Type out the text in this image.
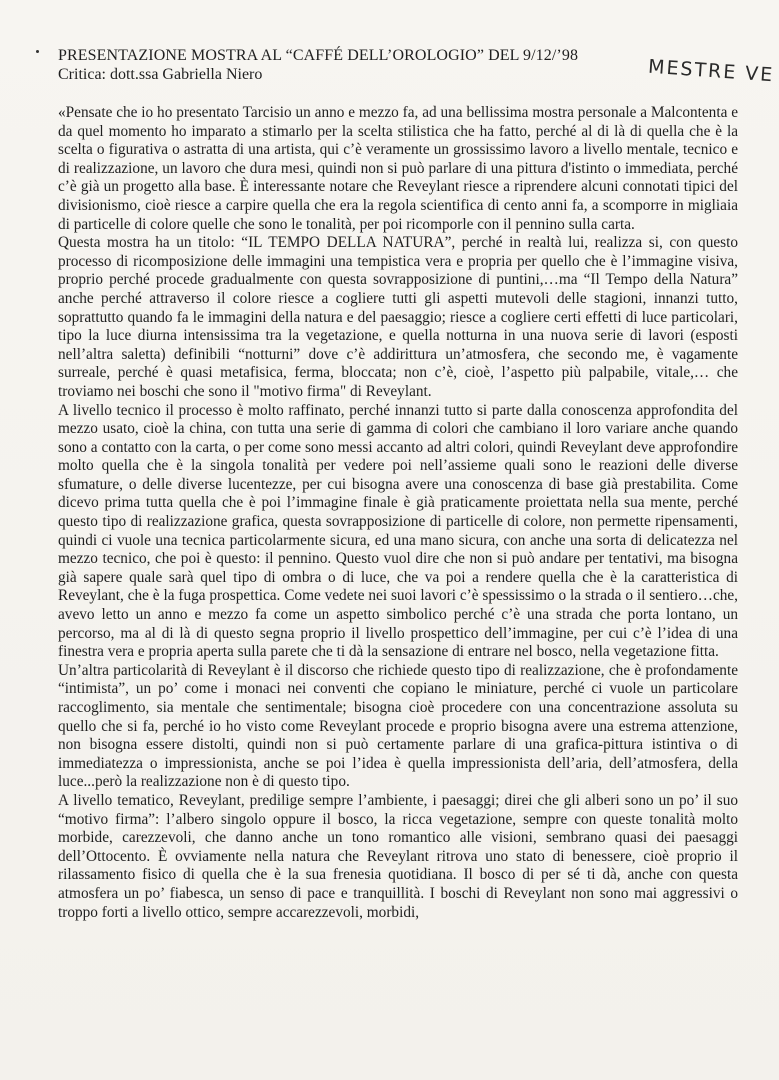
PRESENTAZIONE MOSTRA AL “CAFFÉ DELL’OROLOGIO” DEL 9/12/’98
Critica: dott.ssa Gabriella Niero	MESTRE VE

«Pensate che io ho presentato Tarcisio un anno e mezzo fa, ad una bellissima mostra personale a Malcontenta e da quel momento ho imparato a stimarlo per la scelta stilistica che ha fatto, perché al di là di quella che è la scelta o figurativa o astratta di una artista, qui c’è veramente un grossissimo lavoro a livello mentale, tecnico e di realizzazione, un lavoro che dura mesi, quindi non si può parlare di una pittura d'istinto o immediata, perché c’è già un progetto alla base. È interessante notare che Reveylant riesce a riprendere alcuni connotati tipici del divisionismo, cioè riesce a carpire quella che era la regola scientifica di cento anni fa, a scomporre in migliaia di particelle di colore quelle che sono le tonalità, per poi ricomporle con il pennino sulla carta.

Questa mostra ha un titolo: “IL TEMPO DELLA NATURA”, perché in realtà lui, realizza si, con questo processo di ricomposizione delle immagini una tempistica vera e propria per quello che è l’immagine visiva, proprio perché procede gradualmente con questa sovrapposizione di puntini,…ma “Il Tempo della Natura” anche perché attraverso il colore riesce a cogliere tutti gli aspetti mutevoli delle stagioni, innanzi tutto, soprattutto quando fa le immagini della natura e del paesaggio; riesce a cogliere certi effetti di luce particolari, tipo la luce diurna intensissima tra la vegetazione, e quella notturna in una nuova serie di lavori (esposti nell’altra saletta) definibili “notturni” dove c’è addirittura un’atmosfera, che secondo me, è vagamente surreale, perché è quasi metafisica, ferma, bloccata; non c’è, cioè, l’aspetto più palpabile, vitale,… che troviamo nei boschi che sono il "motivo firma" di Reveylant.

A livello tecnico il processo è molto raffinato, perché innanzi tutto si parte dalla conoscenza approfondita del mezzo usato, cioè la china, con tutta una serie di gamma di colori che cambiano il loro variare anche quando sono a contatto con la carta, o per come sono messi accanto ad altri colori, quindi Reveylant deve approfondire molto quella che è la singola tonalità per vedere poi nell’assieme quali sono le reazioni delle diverse sfumature, o delle diverse lucentezze, per cui bisogna avere una conoscenza di base già prestabilita. Come dicevo prima tutta quella che è poi l’immagine finale è già praticamente proiettata nella sua mente, perché questo tipo di realizzazione grafica, questa sovrapposizione di particelle di colore, non permette ripensamenti, quindi ci vuole una tecnica particolarmente sicura, ed una mano sicura, con anche una sorta di delicatezza nel mezzo tecnico, che poi è questo: il pennino. Questo vuol dire che non si può andare per tentativi, ma bisogna già sapere quale sarà quel tipo di ombra o di luce, che va poi a rendere quella che è la caratteristica di Reveylant, che è la fuga prospettica. Come vedete nei suoi lavori c’è spessissimo o la strada o il sentiero…che, avevo letto un anno e mezzo fa come un aspetto simbolico perché c’è una strada che porta lontano, un percorso, ma al di là di questo segna proprio il livello prospettico dell’immagine, per cui c’è l’idea di una finestra vera e propria aperta sulla parete che ti dà la sensazione di entrare nel bosco, nella vegetazione fitta.

Un’altra particolarità di Reveylant è il discorso che richiede questo tipo di realizzazione, che è profondamente “intimista”, un po’ come i monaci nei conventi che copiano le miniature, perché ci vuole un particolare raccoglimento, sia mentale che sentimentale; bisogna cioè procedere con una concentrazione assoluta su quello che si fa, perché io ho visto come Reveylant procede e proprio bisogna avere una estrema attenzione, non bisogna essere distolti, quindi non si può certamente parlare di una grafica-pittura istintiva o di immediatezza o impressionista, anche se poi l’idea è quella impressionista dell’aria, dell’atmosfera, della luce...però la realizzazione non è di questo tipo.

A livello tematico, Reveylant, predilige sempre l’ambiente, i paesaggi; direi che gli alberi sono un po’ il suo “motivo firma”: l’albero singolo oppure il bosco, la ricca vegetazione, sempre con queste tonalità molto morbide, carezzevoli, che danno anche un tono romantico alle visioni, sembrano quasi dei paesaggi dell’Ottocento. È ovviamente nella natura che Reveylant ritrova uno stato di benessere, cioè proprio il rilassamento fisico di quella che è la sua frenesia quotidiana. Il bosco di per sé ti dà, anche con questa atmosfera un po’ fiabesca, un senso di pace e tranquillità. I boschi di Reveylant non sono mai aggressivi o troppo forti a livello ottico, sempre accarezzevoli, morbidi,
